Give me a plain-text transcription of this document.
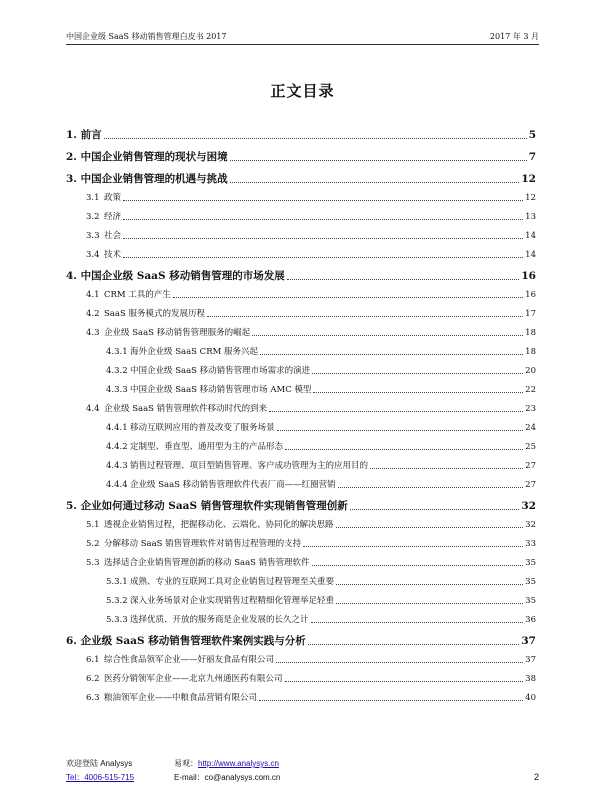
中国企业级 SaaS 移动销售管理白皮书 2017	2017 年 3 月
正文目录
1. 前言	5
2. 中国企业销售管理的现状与困境	7
3. 中国企业销售管理的机遇与挑战	12
3.1 政策	12
3.2 经济	13
3.3 社会	14
3.4 技术	14
4. 中国企业级 SaaS 移动销售管理的市场发展	16
4.1 CRM 工具的产生	16
4.2 SaaS 服务模式的发展历程	17
4.3 企业级 SaaS 移动销售管理服务的崛起	18
4.3.1 海外企业级 SaaS CRM 服务兴起	18
4.3.2 中国企业级 SaaS 移动销售管理市场需求的演进	20
4.3.3 中国企业级 SaaS 移动销售管理市场 AMC 模型	22
4.4 企业级 SaaS 销售管理软件移动时代的到来	23
4.4.1 移动互联网应用的普及改变了服务场景	24
4.4.2 定制型、垂直型、通用型为主的产品形态	25
4.4.3 销售过程管理、项目型销售管理、客户成功管理为主的应用目的	27
4.4.4 企业级 SaaS 移动销售管理软件代表厂商——红圈营销	27
5. 企业如何通过移动 SaaS 销售管理软件实现销售管理创新	32
5.1 透视企业销售过程，把握移动化、云端化、协同化的解决思路	32
5.2 分解移动 SaaS 销售管理软件对销售过程管理的支持	33
5.3 选择适合企业销售管理创新的移动 SaaS 销售管理软件	35
5.3.1 成熟、专业的互联网工具对企业销售过程管理至关重要	35
5.3.2 深入业务场景对企业实现销售过程精细化管理举足轻重	35
5.3.3 选择优质、开放的服务商是企业发展的长久之计	36
6. 企业级 SaaS 移动销售管理软件案例实践与分析	37
6.1 综合性食品领军企业——好丽友食品有限公司	37
6.2 医药分销领军企业——北京九州通医药有限公司	38
6.3 粮油领军企业——中粮食品营销有限公司	40
欢迎登陆 Analysys	易观：http://www.analysys.cn
Tel：4006-515-715	E-mail：co@analysys.com.cn	2
